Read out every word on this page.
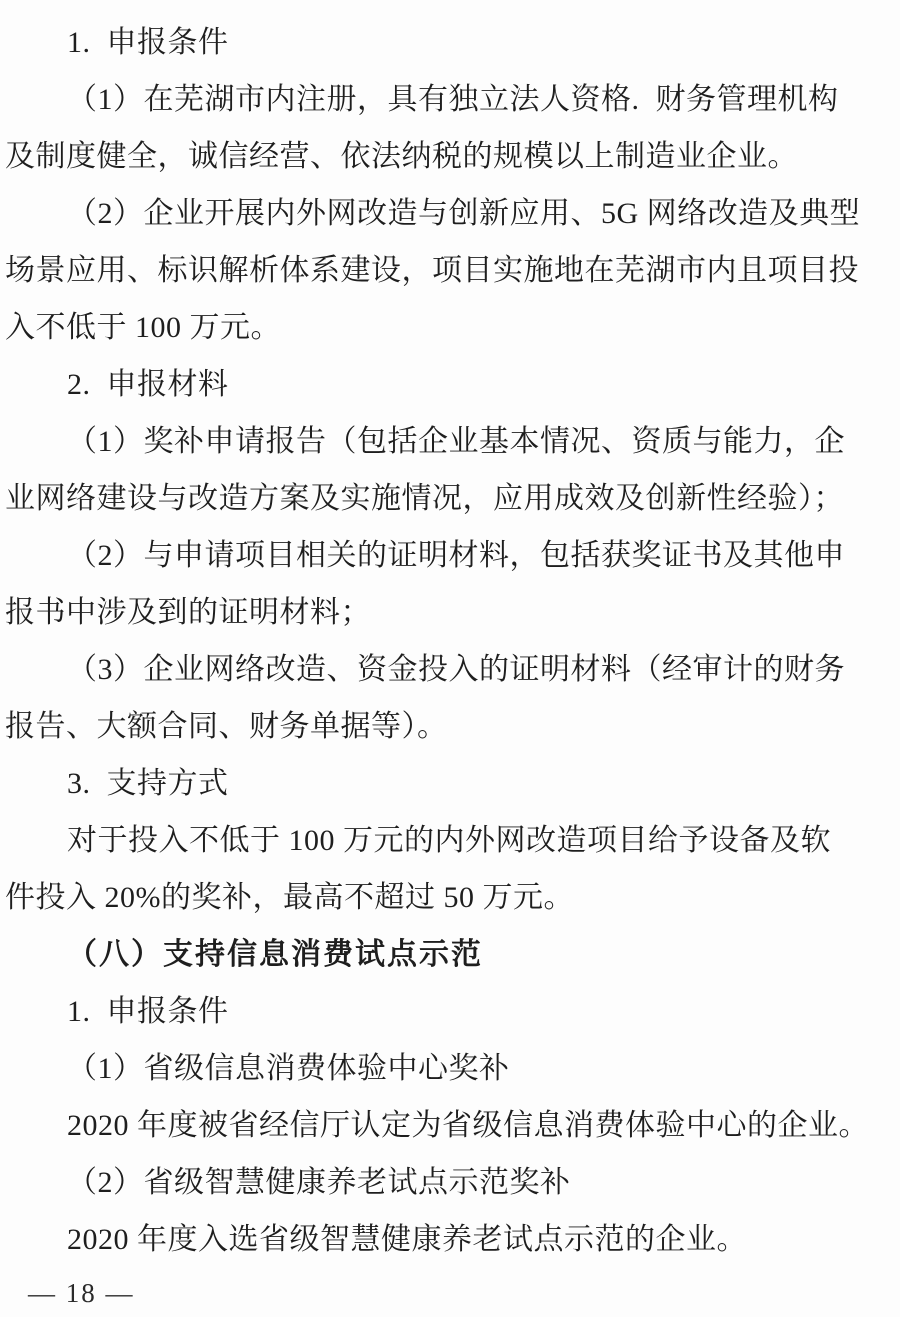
1.  申报条件
（1）在芜湖市内注册，具有独立法人资格.  财务管理机构
及制度健全，诚信经营、依法纳税的规模以上制造业企业。
（2）企业开展内外网改造与创新应用、5G 网络改造及典型
场景应用、标识解析体系建设，项目实施地在芜湖市内且项目投
入不低于 100 万元。
2.  申报材料
（1）奖补申请报告（包括企业基本情况、资质与能力，企
业网络建设与改造方案及实施情况，应用成效及创新性经验）；
（2）与申请项目相关的证明材料，包括获奖证书及其他申
报书中涉及到的证明材料；
（3）企业网络改造、资金投入的证明材料（经审计的财务
报告、大额合同、财务单据等）。
3.  支持方式
对于投入不低于 100 万元的内外网改造项目给予设备及软
件投入 20%的奖补，最高不超过 50 万元。
（八）支持信息消费试点示范
1.  申报条件
（1）省级信息消费体验中心奖补
2020 年度被省经信厅认定为省级信息消费体验中心的企业。
（2）省级智慧健康养老试点示范奖补
2020 年度入选省级智慧健康养老试点示范的企业。
— 18 —
